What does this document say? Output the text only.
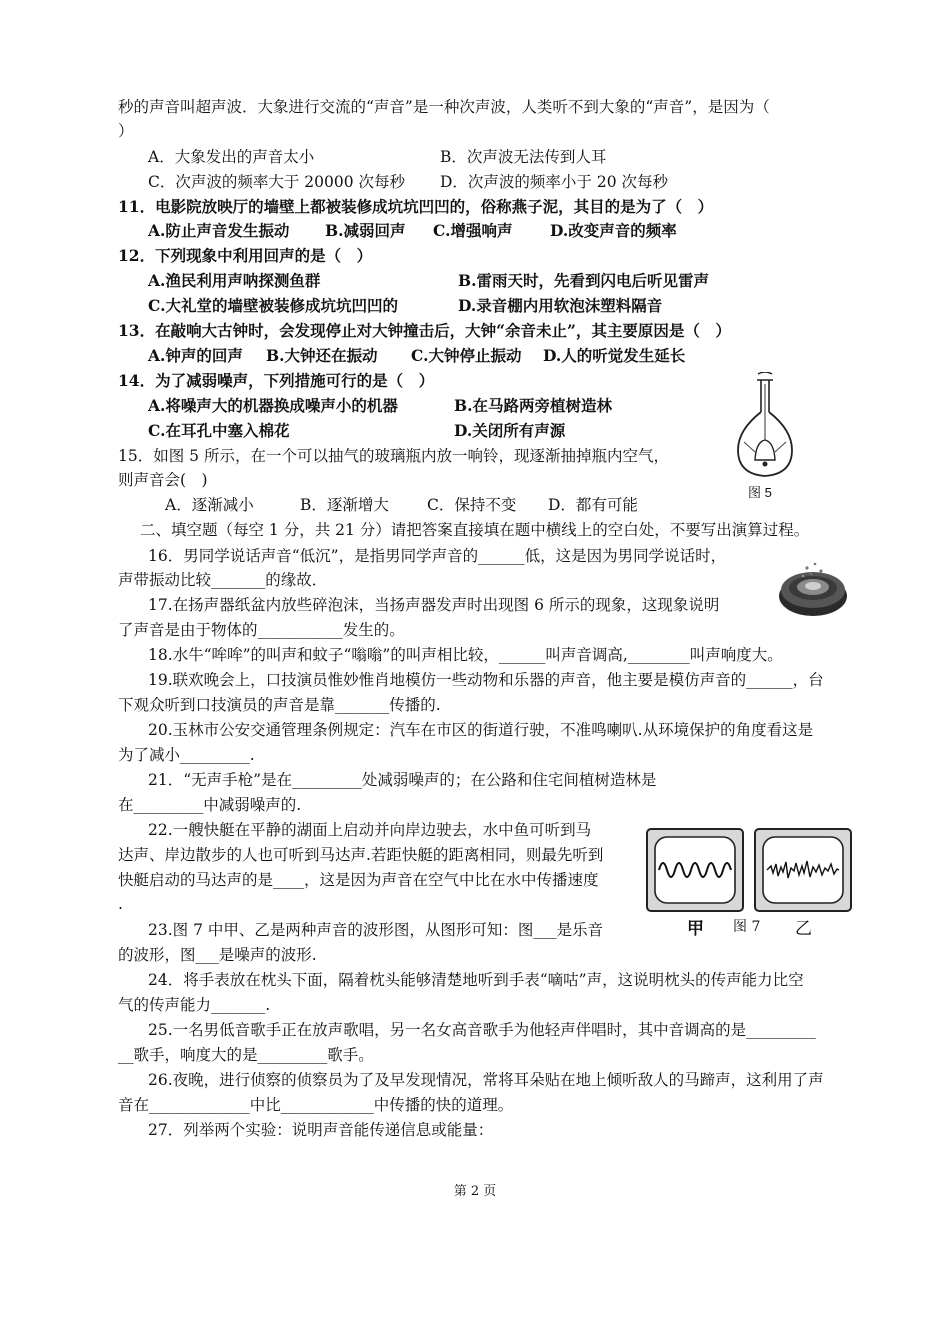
秒的声音叫超声波．大象进行交流的“声音”是一种次声波，人类听不到大象的“声音”，是因为（
）
A．大象发出的声音太小	B．次声波无法传到人耳
C．次声波的频率大于 20000 次每秒 D．次声波的频率小于 20 次每秒
11．电影院放映厅的墙壁上都被装修成坑坑凹凹的，俗称燕子泥，其目的是为了（　）
A.防止声音发生振动 B.减弱回声 C.增强响声 D.改变声音的频率
12．下列现象中利用回声的是（　）
A.渔民利用声呐探测鱼群	B.雷雨天时，先看到闪电后听见雷声
C.大礼堂的墙壁被装修成坑坑凹凹的	D.录音棚内用软泡沫塑料隔音
13．在敲响大古钟时，会发现停止对大钟撞击后，大钟“余音未止”，其主要原因是（　）
A.钟声的回声 B.大钟还在振动 C.大钟停止振动 D.人的听觉发生延长
14．为了减弱噪声，下列措施可行的是（　）
A.将噪声大的机器换成噪声小的机器	B.在马路两旁植树造林
C.在耳孔中塞入棉花	D.关闭所有声源
15．如图 5 所示，在一个可以抽气的玻璃瓶内放一响铃，现逐渐抽掉瓶内空气，
则声音会(　)
A．逐渐减小	B．逐渐增大 C．保持不变 D．都有可能
二、填空题（每空 1 分，共 21 分）请把答案直接填在题中横线上的空白处，不要写出演算过程。
16．男同学说话声音“低沉”，是指男同学声音的______低，这是因为男同学说话时，
声带振动比较_______的缘故．
17.在扬声器纸盆内放些碎泡沫，当扬声器发声时出现图 6 所示的现象，这现象说明
了声音是由于物体的___________发生的。
18.水牛“哞哞”的叫声和蚊子“嗡嗡”的叫声相比较，______叫声音调高,________叫声响度大。
19.联欢晚会上，口技演员惟妙惟肖地模仿一些动物和乐器的声音，他主要是模仿声音的______，台
下观众听到口技演员的声音是靠_______传播的.
20.玉林市公安交通管理条例规定：汽车在市区的街道行驶，不准鸣喇叭.从环境保护的角度看这是
为了减小_________.
21．“无声手枪”是在_________处减弱噪声的；在公路和住宅间植树造林是
在_________中减弱噪声的.
22.一艘快艇在平静的湖面上启动并向岸边驶去，水中鱼可听到马
达声、岸边散步的人也可听到马达声.若距快艇的距离相同，则最先听到
快艇启动的马达声的是____，这是因为声音在空气中比在水中传播速度
.
23.图 7 中甲、乙是两种声音的波形图，从图形可知：图___是乐音
的波形，图___是噪声的波形.
24．将手表放在枕头下面，隔着枕头能够清楚地听到手表“嘀咕”声，这说明枕头的传声能力比空
气的传声能力_______.
25.一名男低音歌手正在放声歌唱，另一名女高音歌手为他轻声伴唱时，其中音调高的是_________
__歌手，响度大的是_________歌手。
26.夜晚，进行侦察的侦察员为了及早发现情况，常将耳朵贴在地上倾听敌人的马蹄声，这利用了声
音在_____________中比____________中传播的快的道理。
27．列举两个实验：说明声音能传递信息或能量：
图 5
甲 图 7 乙
第 2 页
